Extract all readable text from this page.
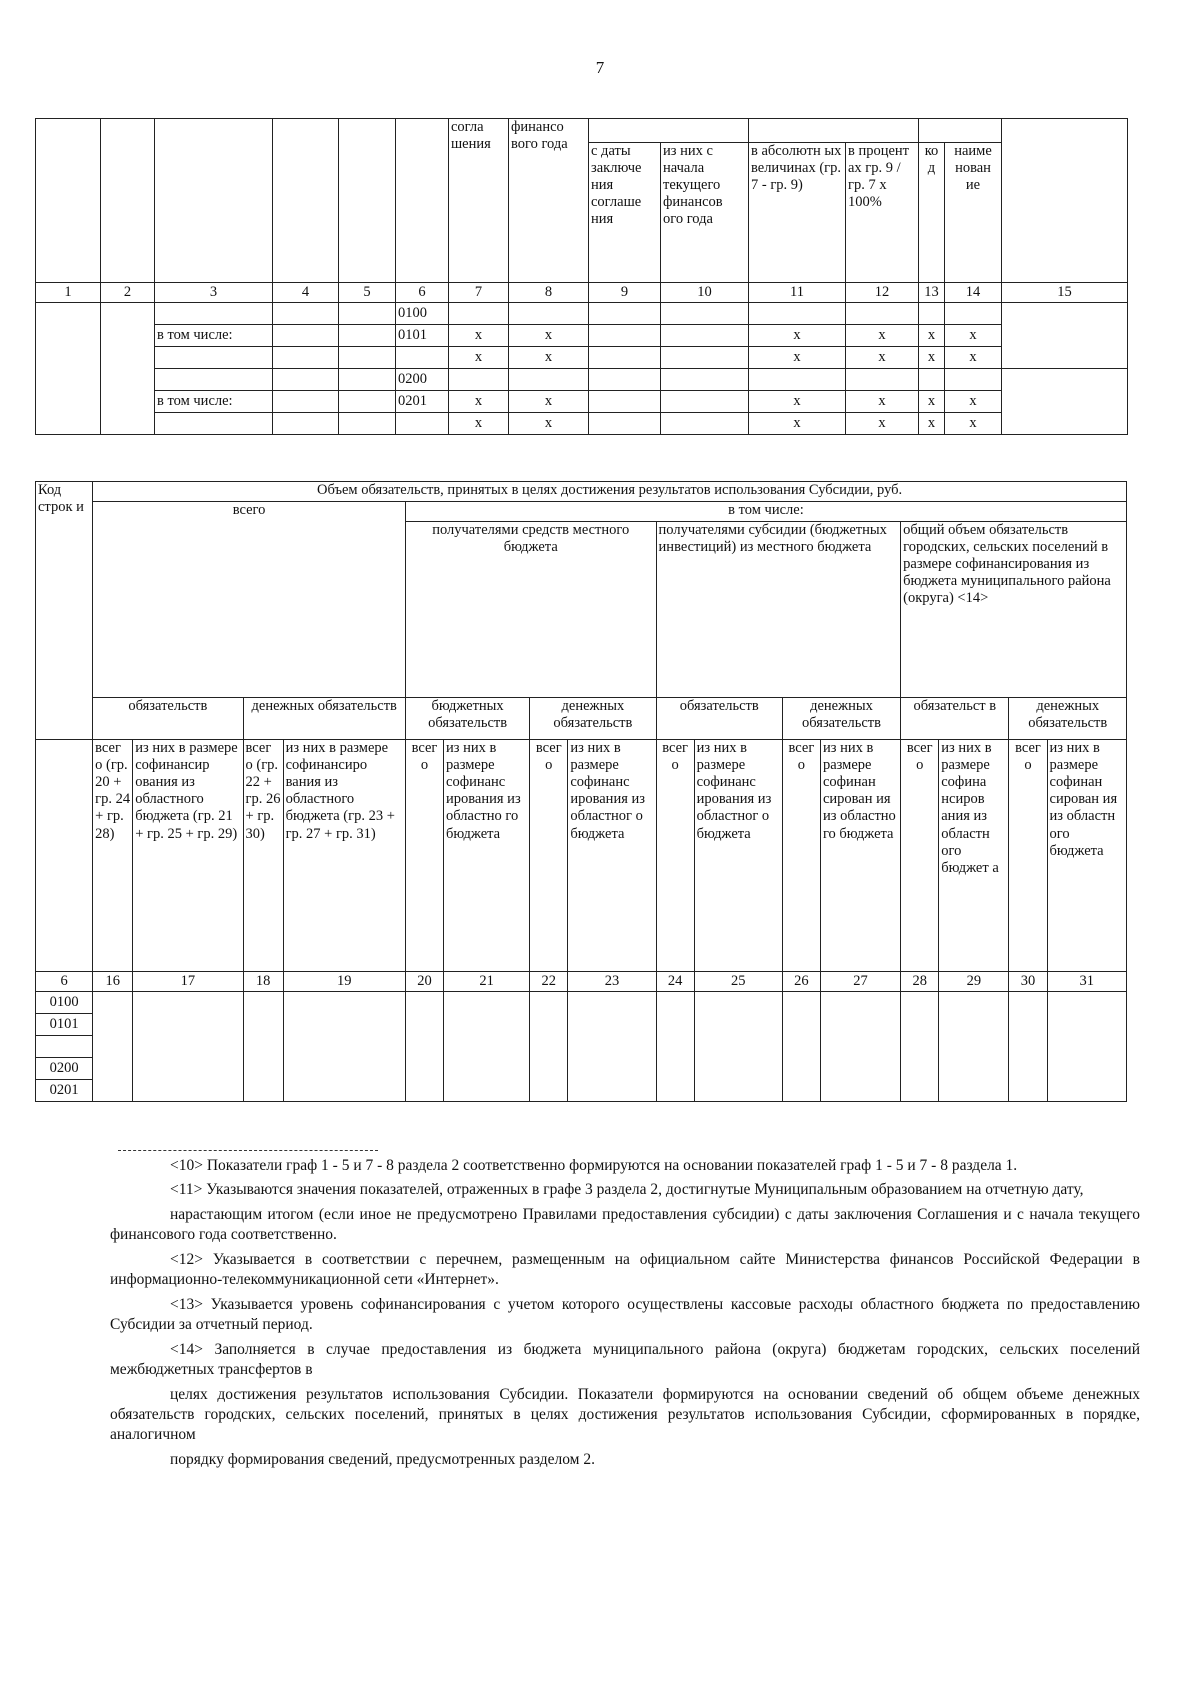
7
						согла шения	финансо вого года							
								с даты заключе ния соглаше ния	из них с начала текущего финансов ого года	в абсолютн ых величинах (гр. 7 - гр. 9)	в процент ах гр. 9 / гр. 7 х 100%	ко д	наиме нован ие	
1	2	3	4	5	6	7	8	9	10	11	12	13	14	15
					0100									
		в том числе:			0101	x	x			x	x	x	x	
						x	x			x	x	x	x	
					0200									
		в том числе:			0201	x	x			x	x	x	x	
						x	x			x	x	x	x	
Код строк и	Объем обязательств, принятых в целях достижения результатов использования Субсидии, руб.															
	всего				в том числе:											
					получателями средств местного бюджета				получателями субсидии (бюджетных инвестиций) из местного бюджета				общий объем обязательств городских, сельских поселений в размере софинансирования из бюджета муниципального района (округа) <14>			
	обязательств		денежных обязательств		бюджетных обязательств		денежных обязательств		обязательств		денежных обязательств		обязательст в		денежных обязательств	
	всег о (гр. 20 + гр. 24 + гр. 28)	из них в размере софинансир ования из областного бюджета (гр. 21 + гр. 25 + гр. 29)	всег о (гр. 22 + гр. 26 + гр. 30)	из них в размере софинансиро вания из областного бюджета (гр. 23 + гр. 27 + гр. 31)	всег о	из них в размере софинанс ирования из областно го бюджета	всег о	из них в размере софинанс ирования из областног о бюджета	всег о	из них в размере софинанс ирования из областног о бюджета	всег о	из них в размере софинан сирован ия из областно го бюджета	всег о	из них в размере софина нсиров ания из областн ого бюджет а	всег о	из них в размере софинан сирован ия из областн ого бюджета
6	16	17	18	19	20	21	22	23	24	25	26	27	28	29	30	31
0100																
0101																

0200																
0201																

<10> Показатели граф 1 - 5 и 7 - 8 раздела 2 соответственно формируются на основании показателей граф 1 - 5 и 7 - 8 раздела 1.

<11> Указываются значения показателей, отраженных в графе 3 раздела 2, достигнутые Муниципальным образованием на отчетную дату,

нарастающим итогом (если иное не предусмотрено Правилами предоставления субсидии) с даты заключения Соглашения и с начала текущего финансового года соответственно.

<12> Указывается в соответствии с перечнем, размещенным на официальном сайте Министерства финансов Российской Федерации в информационно-телекоммуникационной сети «Интернет».

<13> Указывается уровень софинансирования с учетом которого осуществлены кассовые расходы областного бюджета по предоставлению Субсидии за отчетный период.

<14> Заполняется в случае предоставления из бюджета муниципального района (округа) бюджетам городских, сельских поселений межбюджетных трансфертов в

целях достижения результатов использования Субсидии. Показатели формируются на основании сведений об общем объеме денежных обязательств городских, сельских поселений, принятых в целях достижения результатов использования Субсидии, сформированных в порядке, аналогичном

порядку формирования сведений, предусмотренных разделом 2.
